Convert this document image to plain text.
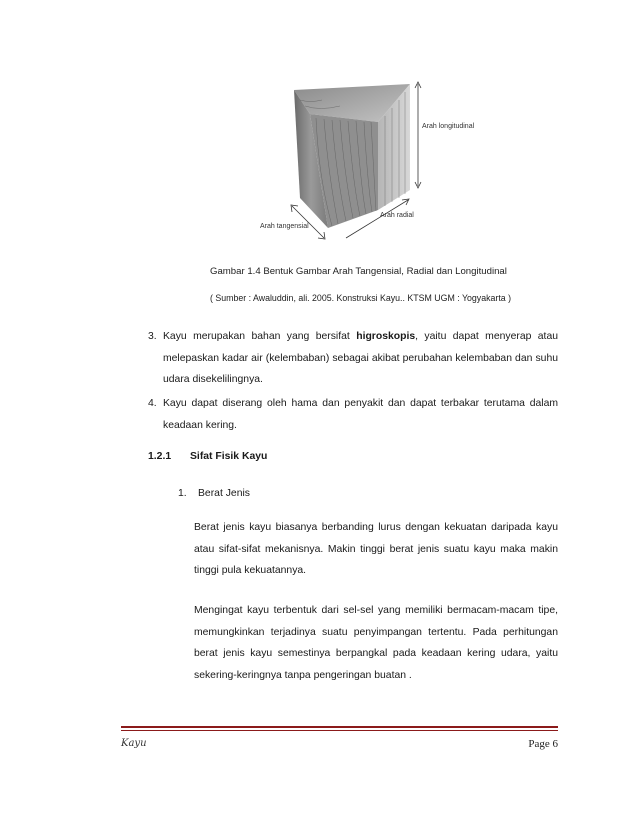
Arah longitudinal
Arah radial
Arah tangensial
Gambar 1.4 Bentuk Gambar Arah Tangensial, Radial dan Longitudinal
( Sumber : Awaluddin, ali. 2005. Konstruksi Kayu.. KTSM UGM : Yogyakarta )
3. Kayu merupakan bahan yang bersifat higroskopis, yaitu dapat menyerap atau melepaskan kadar air (kelembaban) sebagai akibat perubahan kelembaban dan suhu udara disekelilingnya.
4. Kayu dapat diserang oleh hama dan penyakit dan dapat terbakar terutama dalam keadaan kering.
1.2.1 Sifat Fisik Kayu
1. Berat Jenis
Berat jenis kayu biasanya berbanding lurus dengan kekuatan daripada kayu atau sifat-sifat mekanisnya. Makin tinggi berat jenis suatu kayu maka makin tinggi pula kekuatannya.
Mengingat kayu terbentuk dari sel-sel yang memiliki bermacam-macam tipe, memungkinkan terjadinya suatu penyimpangan tertentu. Pada perhitungan berat jenis kayu semestinya berpangkal pada keadaan kering udara, yaitu sekering-keringnya tanpa pengeringan buatan .
Kayu	Page 6
